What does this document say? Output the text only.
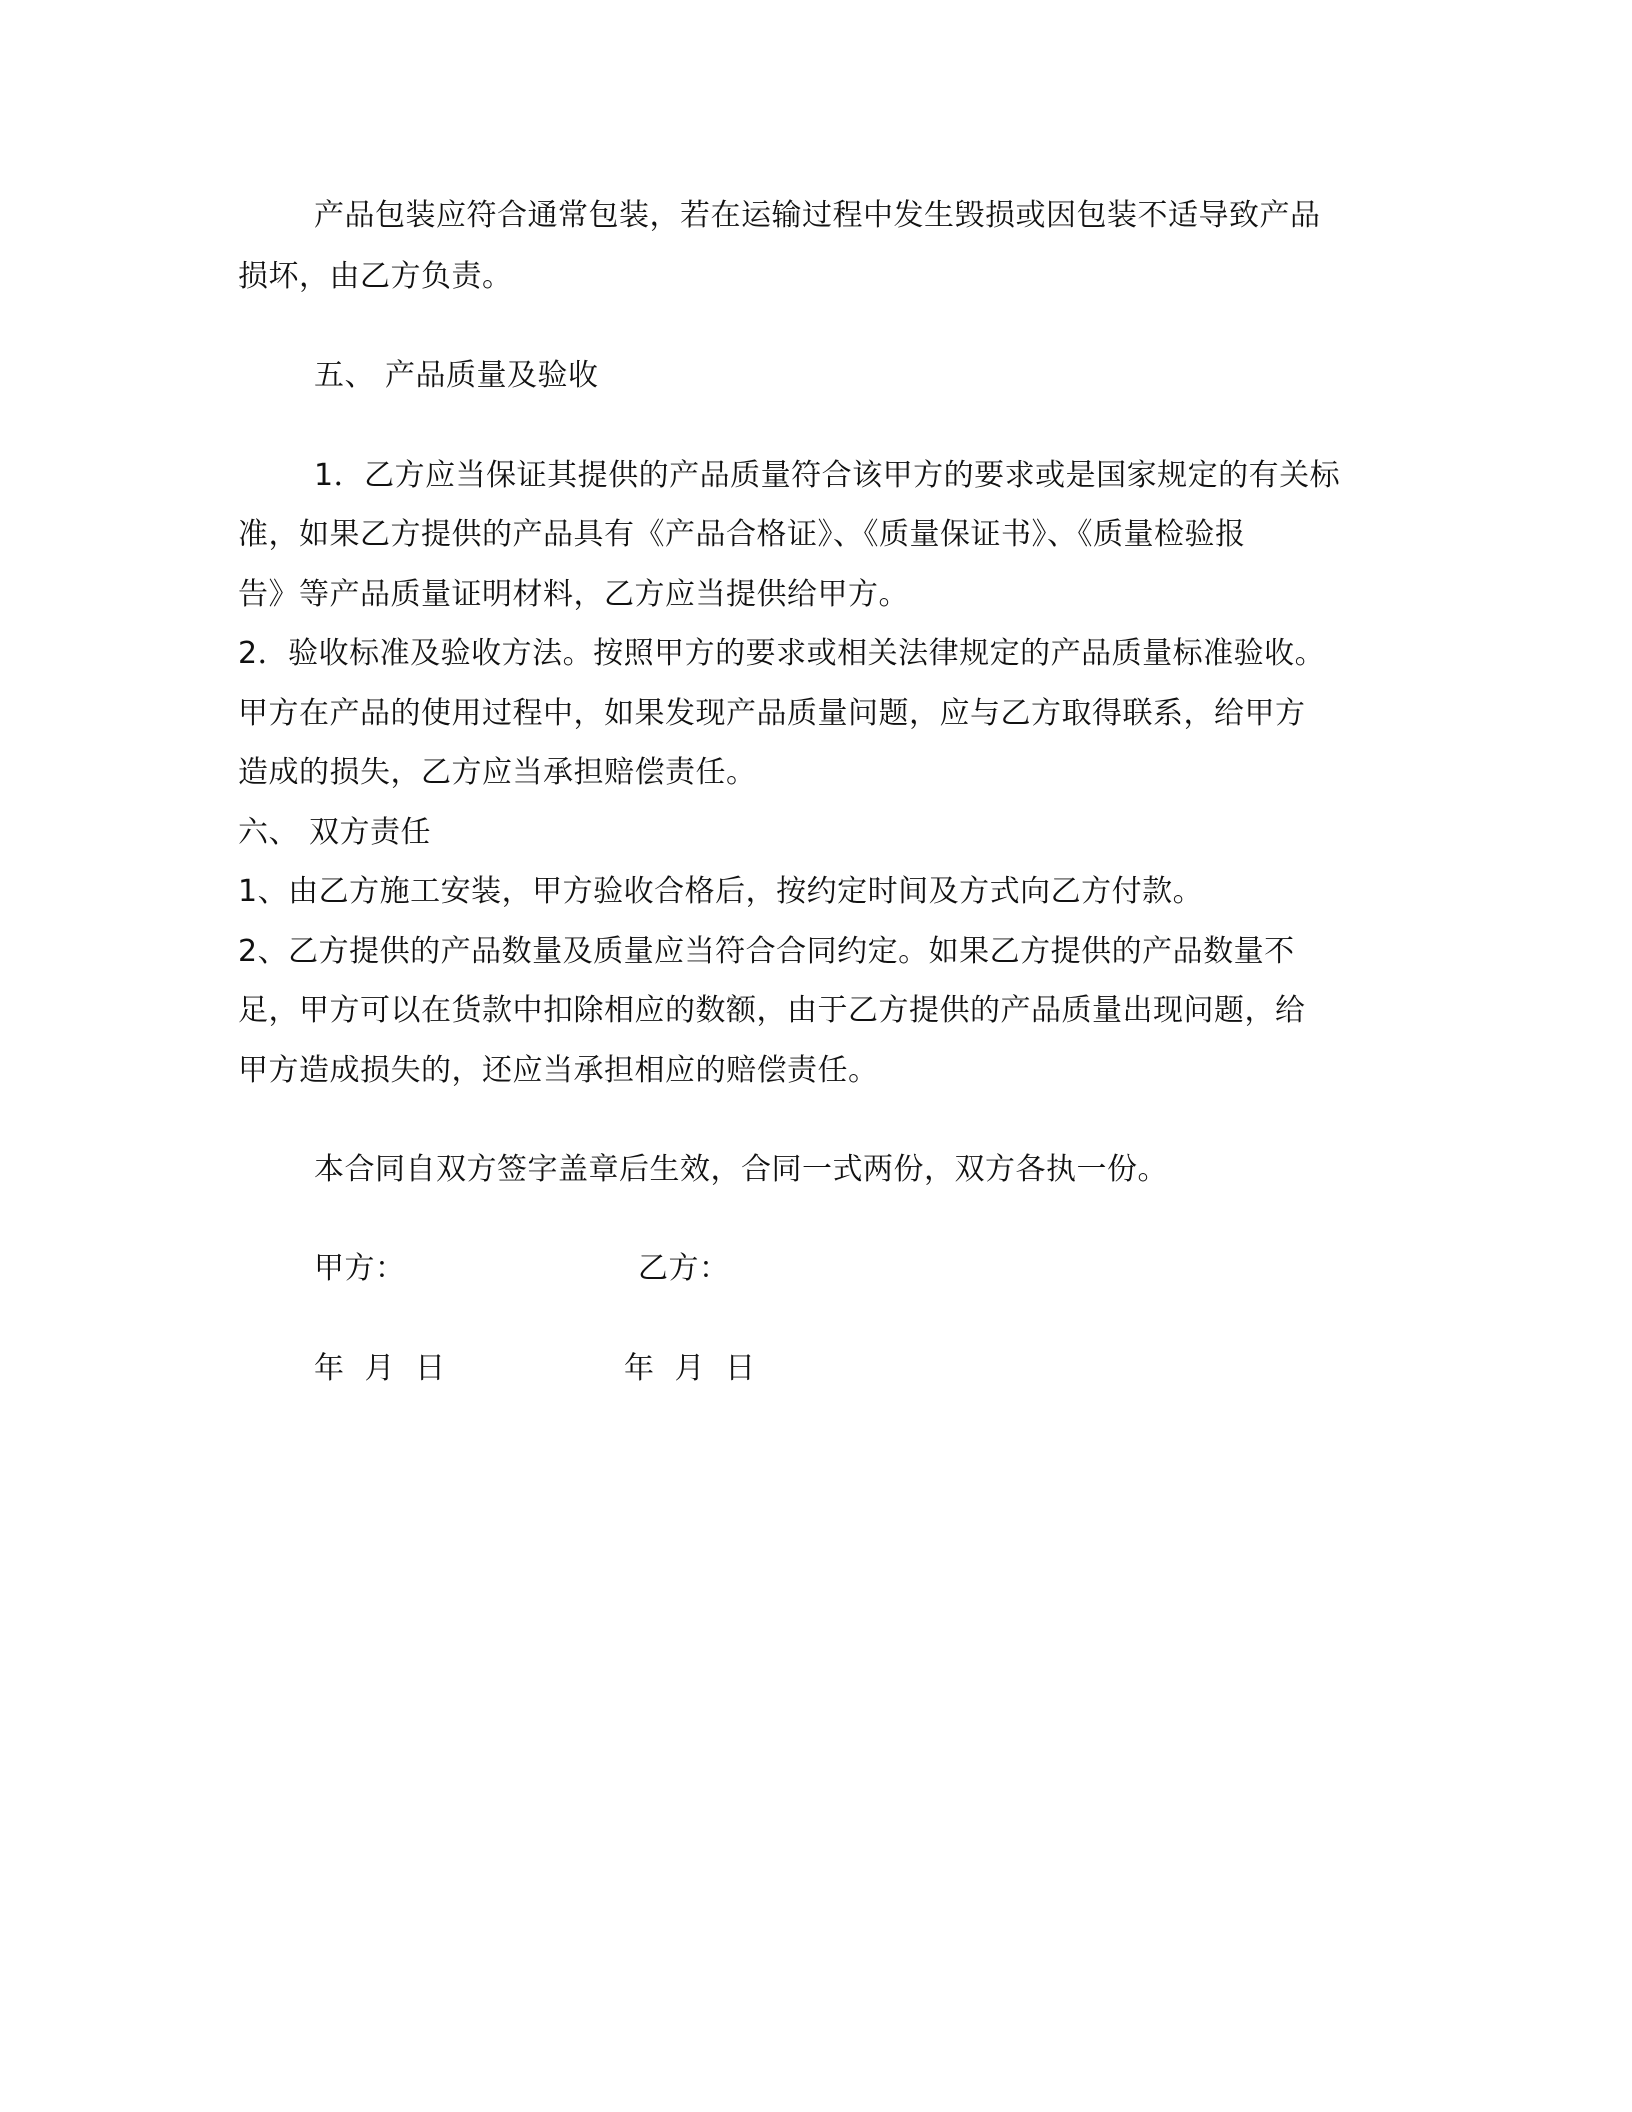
产品包装应符合通常包装，若在运输过程中发生毁损或因包装不适导致产品
损坏，由乙方负责。
五、 产品质量及验收
1．乙方应当保证其提供的产品质量符合该甲方的要求或是国家规定的有关标
准，如果乙方提供的产品具有《产品合格证》、《质量保证书》、《质量检验报
告》等产品质量证明材料，乙方应当提供给甲方。
2．验收标准及验收方法。按照甲方的要求或相关法律规定的产品质量标准验收。
甲方在产品的使用过程中，如果发现产品质量问题，应与乙方取得联系，给甲方
造成的损失，乙方应当承担赔偿责任。
六、 双方责任
1、由乙方施工安装，甲方验收合格后，按约定时间及方式向乙方付款。
2、乙方提供的产品数量及质量应当符合合同约定。如果乙方提供的产品数量不
足，甲方可以在货款中扣除相应的数额，由于乙方提供的产品质量出现问题，给
甲方造成损失的，还应当承担相应的赔偿责任。
本合同自双方签字盖章后生效，合同一式两份，双方各执一份。
甲方：	乙方：
年 月 日	年 月 日
